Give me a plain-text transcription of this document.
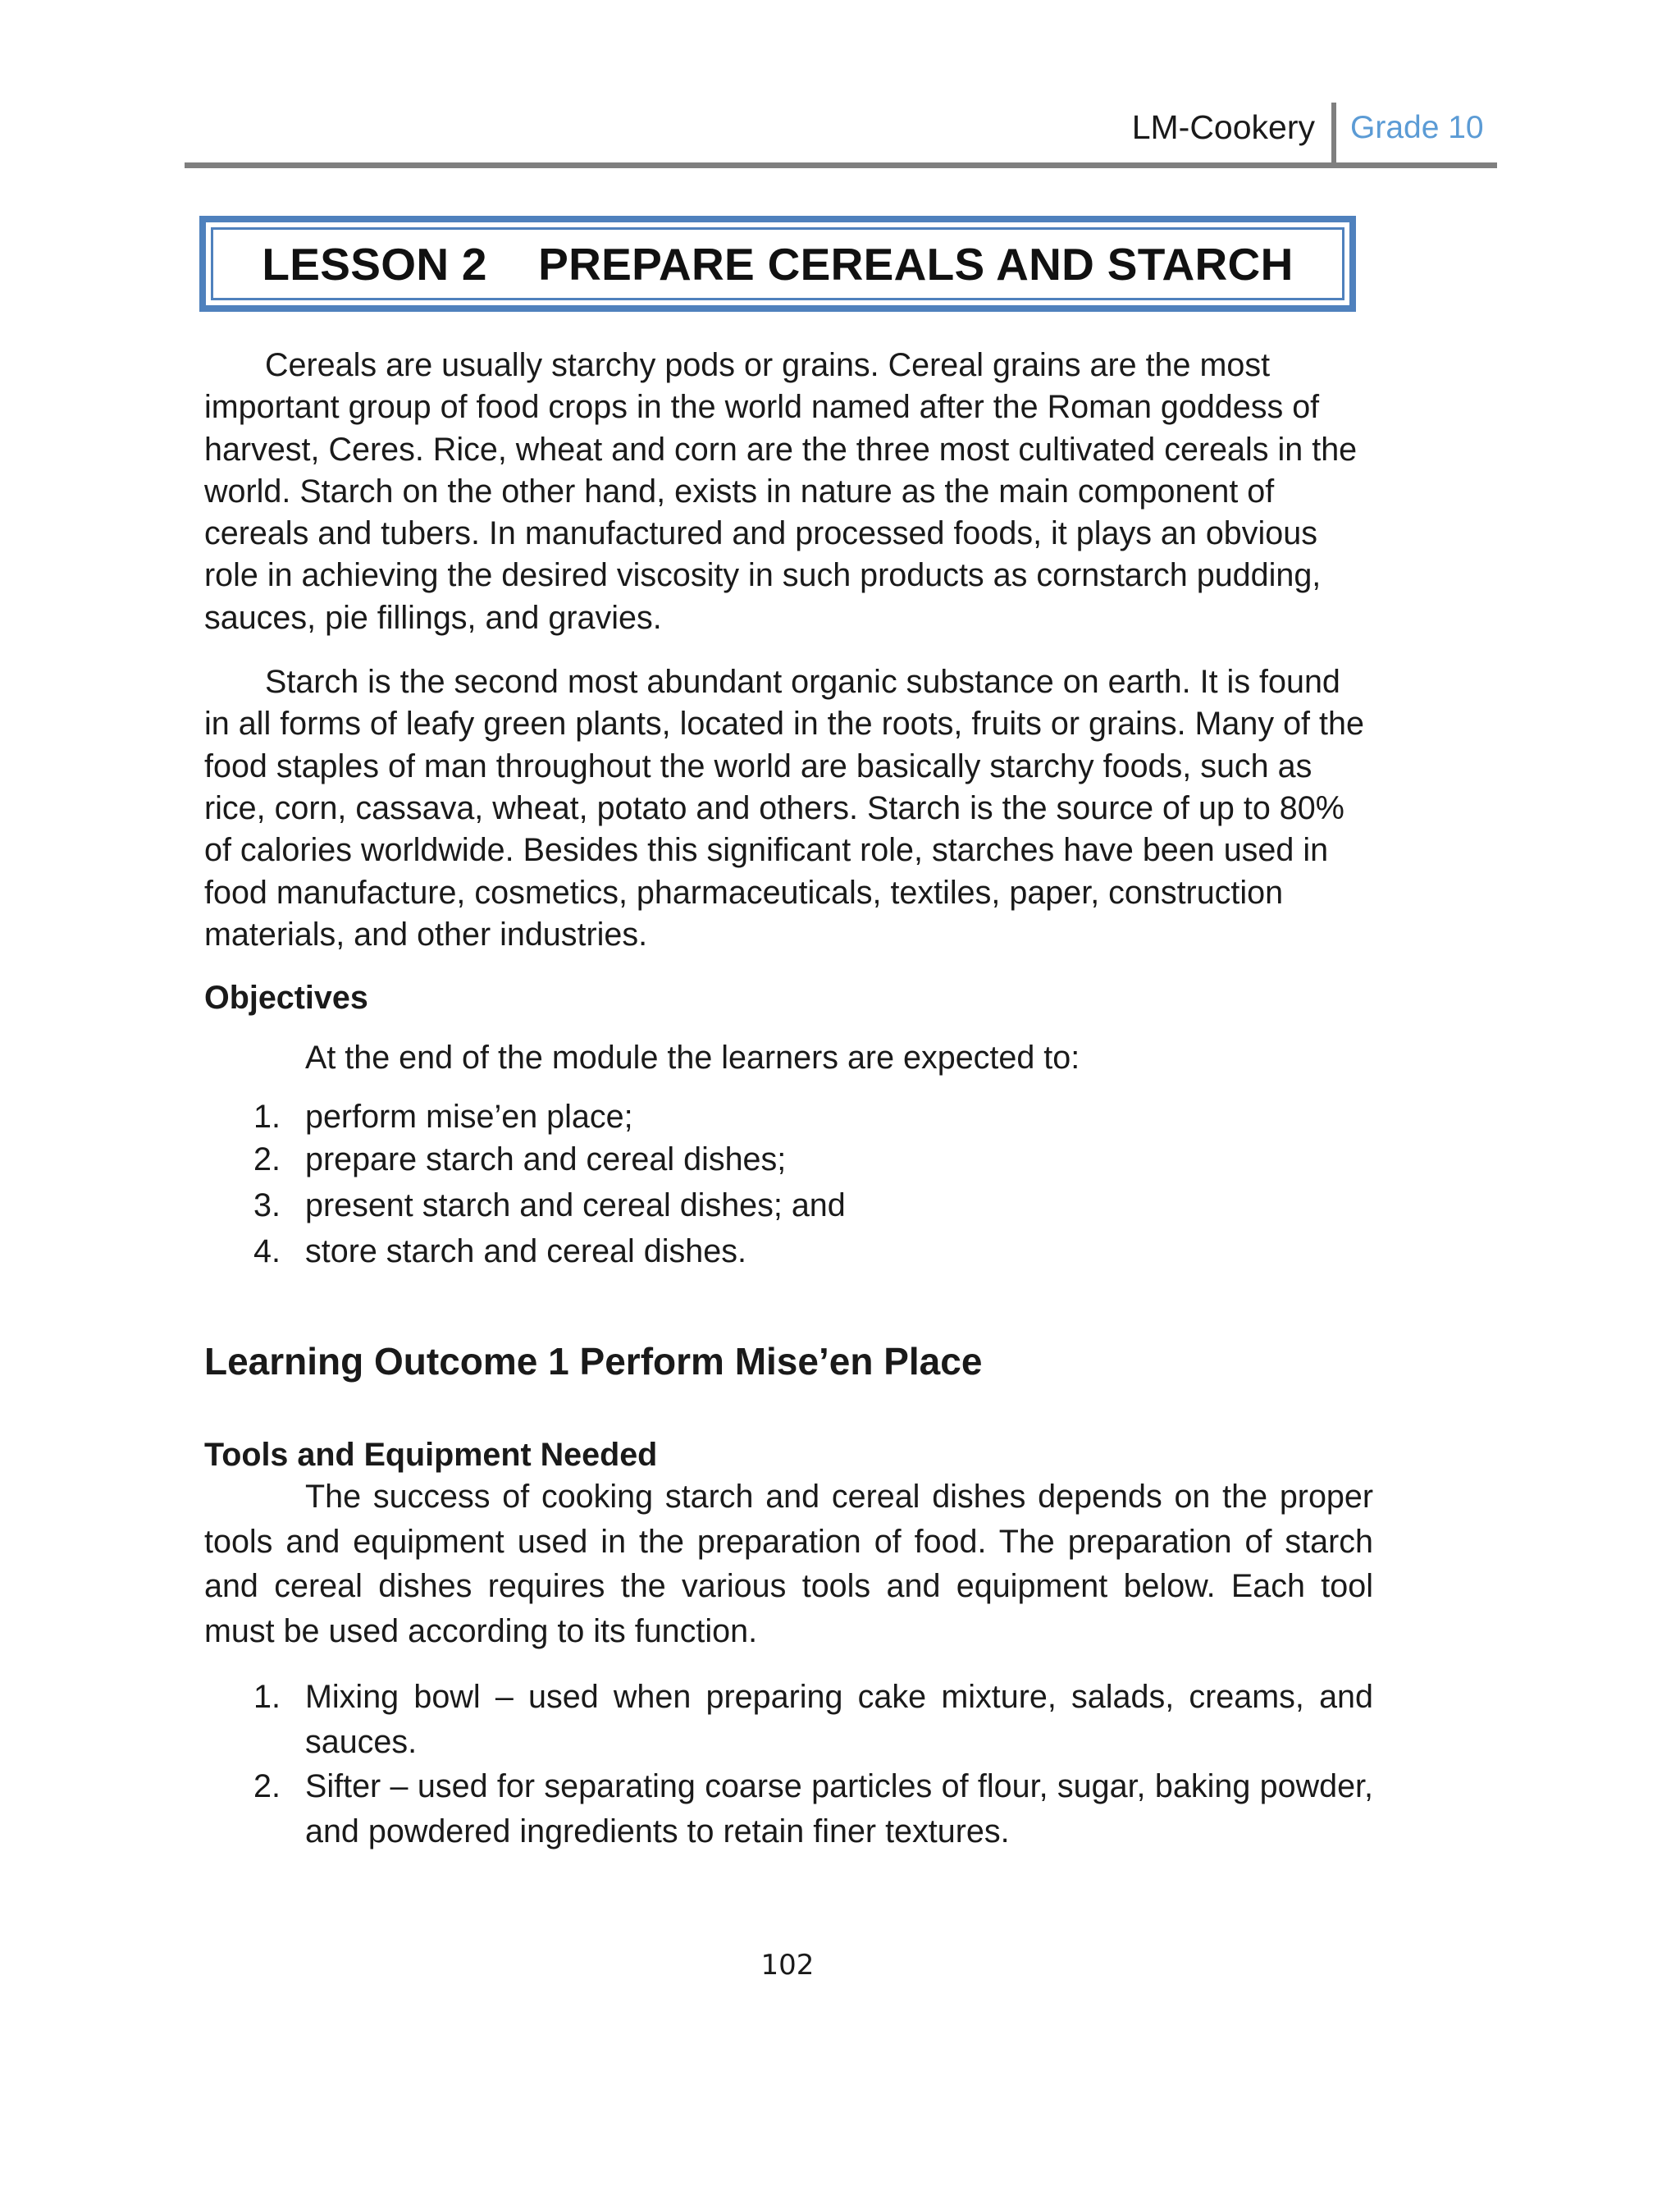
LM-Cookery Grade 10
LESSON 2    PREPARE CEREALS AND STARCH

Cereals are usually starchy pods or grains. Cereal grains are the most important group of food crops in the world named after the Roman goddess of harvest, Ceres. Rice, wheat and corn are the three most cultivated cereals in the world. Starch on the other hand, exists in nature as the main component of cereals and tubers. In manufactured and processed foods, it plays an obvious role in achieving the desired viscosity in such products as cornstarch pudding, sauces, pie fillings, and gravies.

Starch is the second most abundant organic substance on earth. It is found in all forms of leafy green plants, located in the roots, fruits or grains. Many of the food staples of man throughout the world are basically starchy foods, such as rice, corn, cassava, wheat, potato and others. Starch is the source of up to 80% of calories worldwide. Besides this significant role, starches have been used in food manufacture, cosmetics, pharmaceuticals, textiles, paper, construction materials, and other industries.

Objectives
At the end of the module the learners are expected to:
1. perform mise’en place;
2. prepare starch and cereal dishes;
3. present starch and cereal dishes; and
4. store starch and cereal dishes.
Learning Outcome 1 Perform Mise’en Place
Tools and Equipment Needed

The success of cooking starch and cereal dishes depends on the proper tools and equipment used in the preparation of food. The preparation of starch and cereal dishes requires the various tools and equipment below. Each tool must be used according to its function.

1. Mixing bowl – used when preparing cake mixture, salads, creams, and sauces.
2. Sifter – used for separating coarse particles of flour, sugar, baking powder, and powdered ingredients to retain finer textures.
102
